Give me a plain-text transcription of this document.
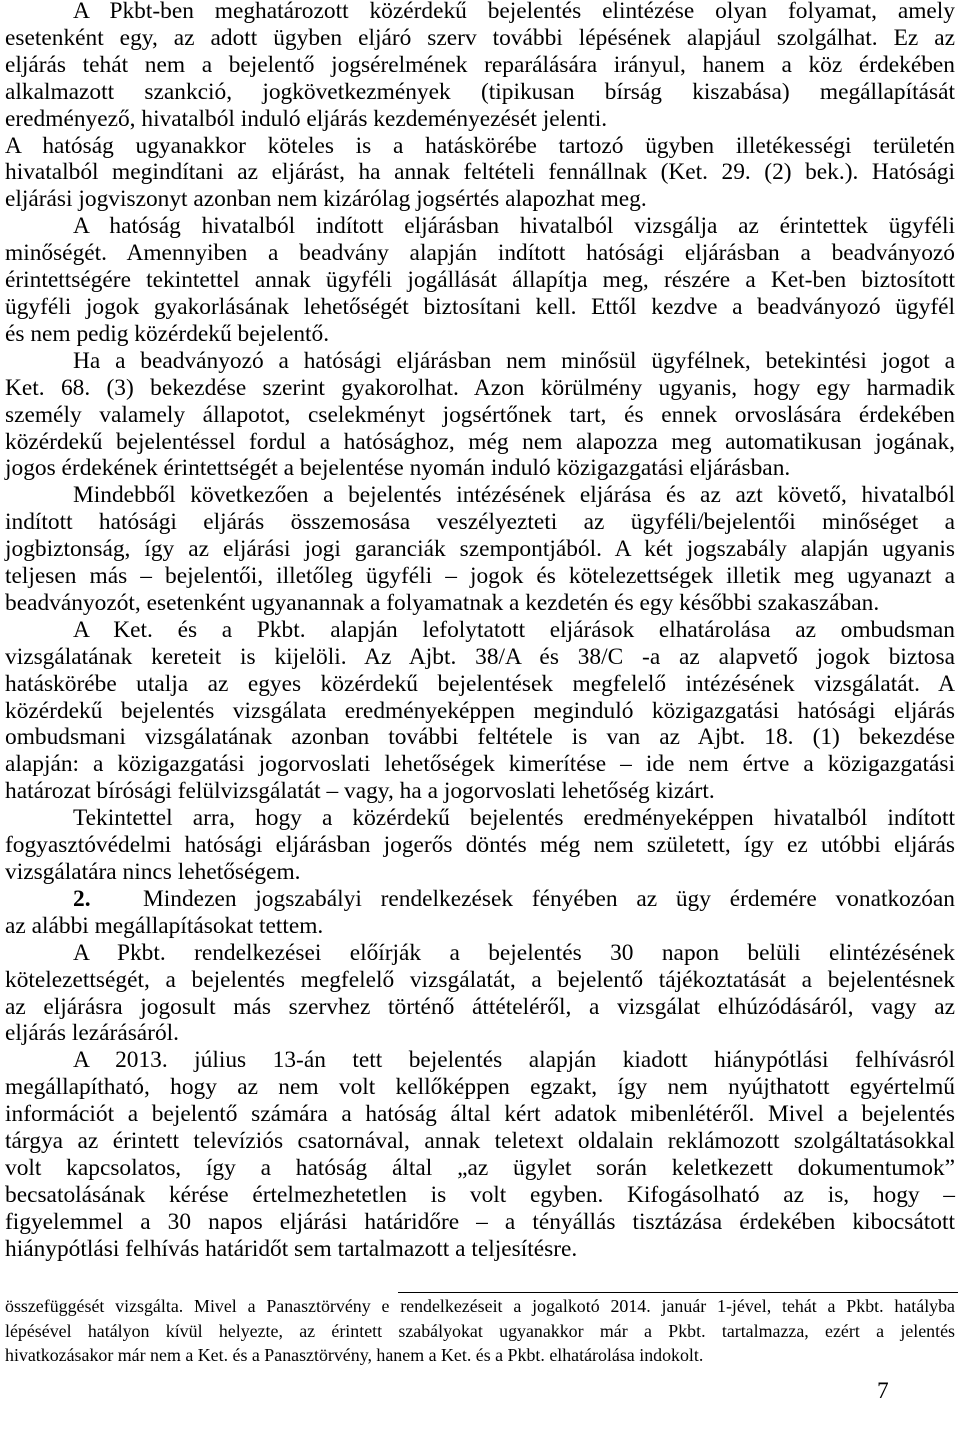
A Pkbt-ben meghatározott közérdekű bejelentés elintézése olyan folyamat, amely
esetenként egy, az adott ügyben eljáró szerv további lépésének alapjául szolgálhat. Ez az
eljárás tehát nem a bejelentő jogsérelmének reparálására irányul, hanem a köz érdekében
alkalmazott szankció, jogkövetkezmények (tipikusan bírság kiszabása) megállapítását
eredményező, hivatalból induló eljárás kezdeményezését jelenti.
A hatóság ugyanakkor köteles is a hatáskörébe tartozó ügyben illetékességi területén
hivatalból megindítani az eljárást, ha annak feltételi fennállnak (Ket. 29. (2) bek.). Hatósági
eljárási jogviszonyt azonban nem kizárólag jogsértés alapozhat meg.
A hatóság hivatalból indított eljárásban hivatalból vizsgálja az érintettek ügyféli
minőségét. Amennyiben a beadvány alapján indított hatósági eljárásban a beadványozó
érintettségére tekintettel annak ügyféli jogállását állapítja meg, részére a Ket-ben biztosított
ügyféli jogok gyakorlásának lehetőségét biztosítani kell. Ettől kezdve a beadványozó ügyfél
és nem pedig közérdekű bejelentő.
Ha a beadványozó a hatósági eljárásban nem minősül ügyfélnek, betekintési jogot a
Ket. 68. (3) bekezdése szerint gyakorolhat. Azon körülmény ugyanis, hogy egy harmadik
személy valamely állapotot, cselekményt jogsértőnek tart, és ennek orvoslására érdekében
közérdekű bejelentéssel fordul a hatósághoz, még nem alapozza meg automatikusan jogának,
jogos érdekének érintettségét a bejelentése nyomán induló közigazgatási eljárásban.
Mindebből következően a bejelentés intézésének eljárása és az azt követő, hivatalból
indított hatósági eljárás összemosása veszélyezteti az ügyféli/bejelentői minőséget a
jogbiztonság, így az eljárási jogi garanciák szempontjából. A két jogszabály alapján ugyanis
teljesen más – bejelentői, illetőleg ügyféli – jogok és kötelezettségek illetik meg ugyanazt a
beadványozót, esetenként ugyanannak a folyamatnak a kezdetén és egy későbbi szakaszában.
A Ket. és a Pkbt. alapján lefolytatott eljárások elhatárolása az ombudsman
vizsgálatának kereteit is kijelöli. Az Ajbt. 38/A és 38/C -a az alapvető jogok biztosa
hatáskörébe utalja az egyes közérdekű bejelentések megfelelő intézésének vizsgálatát. A
közérdekű bejelentés vizsgálata eredményeképpen meginduló közigazgatási hatósági eljárás
ombudsmani vizsgálatának azonban további feltétele is van az Ajbt. 18. (1) bekezdése
alapján: a közigazgatási jogorvoslati lehetőségek kimerítése – ide nem értve a közigazgatási
határozat bírósági felülvizsgálatát – vagy, ha a jogorvoslati lehetőség kizárt.
Tekintettel arra, hogy a közérdekű bejelentés eredményeképpen hivatalból indított
fogyasztóvédelmi hatósági eljárásban jogerős döntés még nem született, így ez utóbbi eljárás
vizsgálatára nincs lehetőségem.
2.	Mindezen jogszabályi rendelkezések fényében az ügy érdemére vonatkozóan
az alábbi megállapításokat tettem.
A Pkbt. rendelkezései előírják a bejelentés 30 napon belüli elintézésének
kötelezettségét, a bejelentés megfelelő vizsgálatát, a bejelentő tájékoztatását a bejelentésnek
az eljárásra jogosult más szervhez történő áttételéről, a vizsgálat elhúzódásáról, vagy az
eljárás lezárásáról.
A 2013. július 13-án tett bejelentés alapján kiadott hiánypótlási felhívásról
megállapítható, hogy az nem volt kellőképpen egzakt, így nem nyújthatott egyértelmű
információt a bejelentő számára a hatóság által kért adatok mibenlétéről. Mivel a bejelentés
tárgya az érintett televíziós csatornával, annak teletext oldalain reklámozott szolgáltatásokkal
volt kapcsolatos, így a hatóság által „az ügylet során keletkezett dokumentumok”
becsatolásának kérése értelmezhetetlen is volt egyben. Kifogásolható az is, hogy –
figyelemmel a 30 napos eljárási határidőre – a tényállás tisztázása érdekében kibocsátott
hiánypótlási felhívás határidőt sem tartalmazott a teljesítésre.
összefüggését vizsgálta. Mivel a Panasztörvény e rendelkezéseit a jogalkotó 2014. január 1-jével, tehát a Pkbt. hatályba
lépésével hatályon kívül helyezte, az érintett szabályokat ugyanakkor már a Pkbt. tartalmazza, ezért a jelentés
hivatkozásakor már nem a Ket. és a Panasztörvény, hanem a Ket. és a Pkbt. elhatárolása indokolt.
7
